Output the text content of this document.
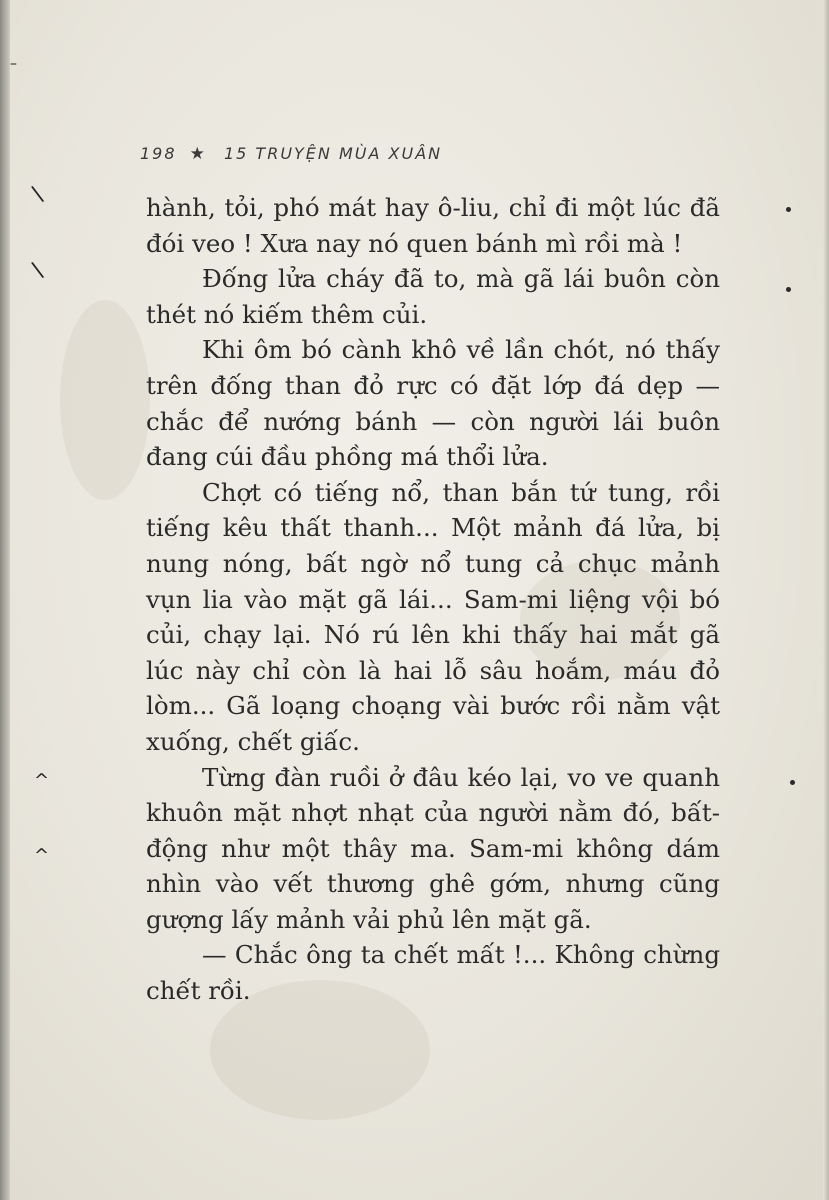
–
\
\
^
^
198 ★ 15 TRUYỆN MÙA XUÂN

hành, tỏi, phó mát hay ô-liu, chỉ đi một lúc đã đói veo ! Xưa nay nó quen bánh mì rồi mà !

Đống lửa cháy đã to, mà gã lái buôn còn thét nó kiếm thêm củi.

Khi ôm bó cành khô về lần chót, nó thấy trên đống than đỏ rực có đặt lớp đá dẹp — chắc để nướng bánh — còn người lái buôn đang cúi đầu phồng má thổi lửa.

Chợt có tiếng nổ, than bắn tứ tung, rồi tiếng kêu thất thanh... Một mảnh đá lửa, bị nung nóng, bất ngờ nổ tung cả chục mảnh vụn lia vào mặt gã lái... Sam-mi liệng vội bó củi, chạy lại. Nó rú lên khi thấy hai mắt gã lúc này chỉ còn là hai lỗ sâu hoắm, máu đỏ lòm... Gã loạng choạng vài bước rồi nằm vật xuống, chết giấc.

Từng đàn ruồi ở đâu kéo lại, vo ve quanh khuôn mặt nhợt nhạt của người nằm đó, bất-động như một thây ma. Sam-mi không dám nhìn vào vết thương ghê gớm, nhưng cũng gượng lấy mảnh vải phủ lên mặt gã.

— Chắc ông ta chết mất !... Không chừng chết rồi.
